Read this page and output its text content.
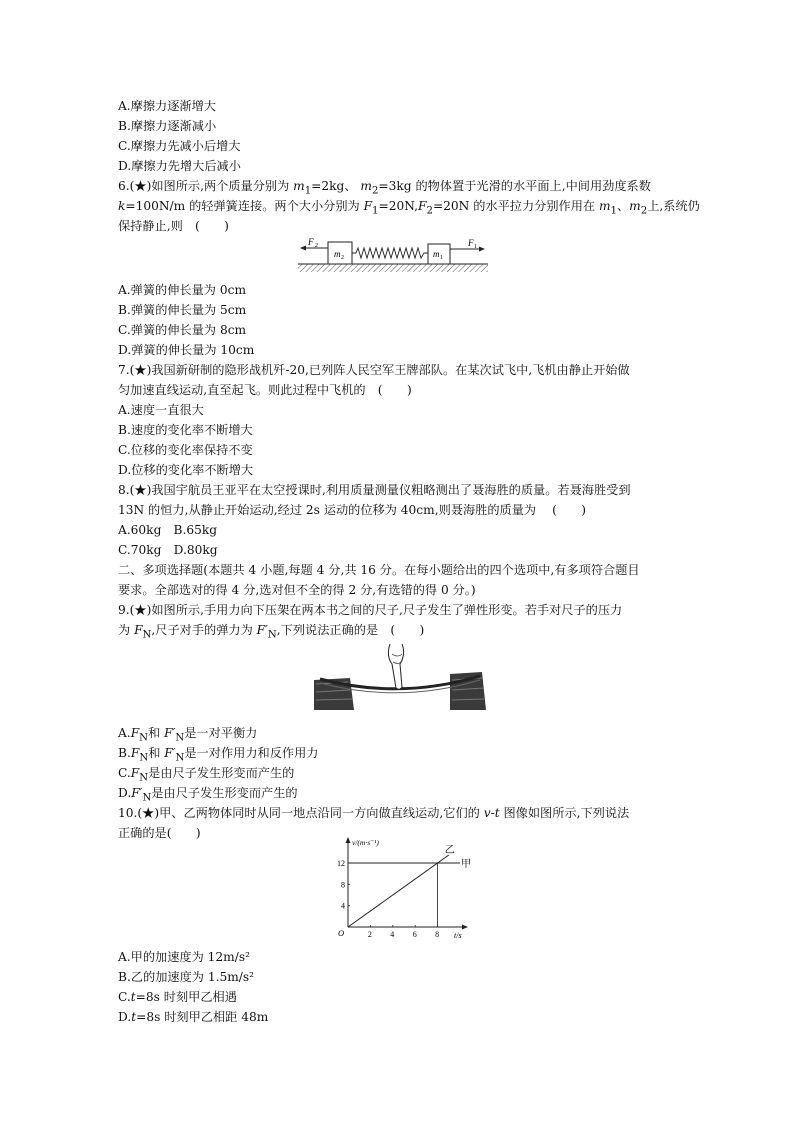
A.摩擦力逐渐增大
B.摩擦力逐渐减小
C.摩擦力先减小后增大
D.摩擦力先增大后减小
6.(★)如图所示,两个质量分别为 $m_1=2kg$、 $m_2=3kg$ 的物体置于光滑的水平面上,中间用劲度系数
k=100N/m 的轻弹簧连接。两个大小分别为 $F_1=20N,F_2=20N$ 的水平拉力分别作用在 $m_1$、$m_2$上,系统仍
保持静止,则　(　　)
F 2
m 2	m 1
F 1
A.弹簧的伸长量为 0cm
B.弹簧的伸长量为 5cm
C.弹簧的伸长量为 8cm
D.弹簧的伸长量为 10cm
7.(★)我国新研制的隐形战机歼-20,已列阵人民空军王牌部队。在某次试飞中,飞机由静止开始做
匀加速直线运动,直至起飞。则此过程中飞机的　(　　)
A.速度一直很大
B.速度的变化率不断增大
C.位移的变化率保持不变
D.位移的变化率不断增大
8.(★)我国宇航员王亚平在太空授课时,利用质量测量仪粗略测出了聂海胜的质量。若聂海胜受到
13N 的恒力,从静止开始运动,经过 2s 运动的位移为 40cm,则聂海胜的质量为　 (　　)
A.60kg　B.65kg
C.70kg　D.80kg
二、多项选择题(本题共 4 小题,每题 4 分,共 16 分。在每小题给出的四个选项中,有多项符合题目
要求。全部选对的得 4 分,选对但不全的得 2 分,有选错的得 0 分。)
9.(★)如图所示,手用力向下压架在两本书之间的尺子,尺子发生了弹性形变。若手对尺子的压力
为 $F_N$,尺子对手的弹力为 $F'_N$,下列说法正确的是　(　　)
$A.F_N$和 $F'_N$是一对平衡力
$B.F_N$和 $F'_N$是一对作用力和反作用力
$C.F_N$是由尺子发生形变而产生的
$D.F'_N$是由尺子发生形变而产生的
10.(★)甲、乙两物体同时从同一地点沿同一方向做直线运动,它们的 v-t 图像如图所示,下列说法
正确的是(　　)
v/(m·s⁻¹)
t/s
O	2 4 6 8
4
8
12	甲
乙
A.甲的加速度为 12m/s²
B.乙的加速度为 1.5m/s²
C.t=8s 时刻甲乙相遇
D.t=8s 时刻甲乙相距 48m
